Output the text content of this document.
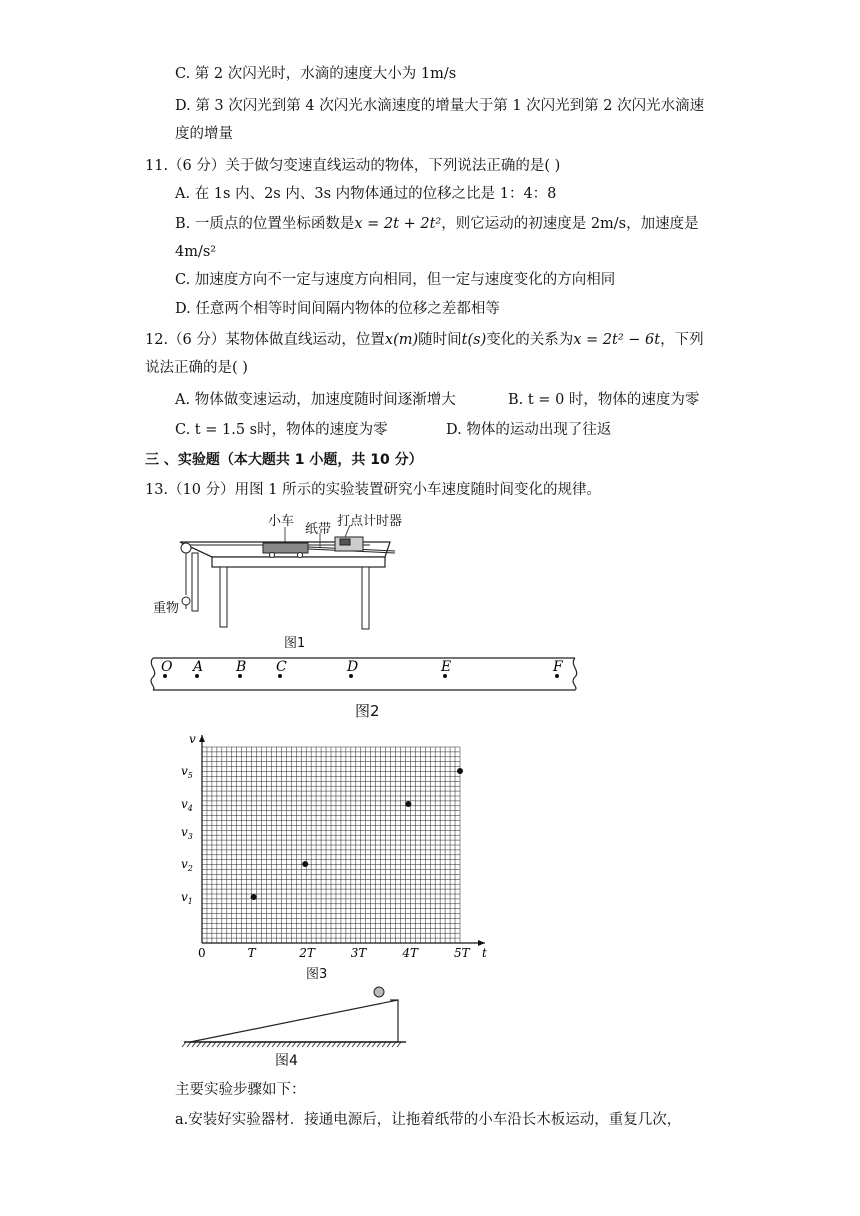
C. 第 2 次闪光时，水滴的速度大小为 1m/s
D. 第 3 次闪光到第 4 次闪光水滴速度的增量大于第 1 次闪光到第 2 次闪光水滴速
度的增量
11.（6 分）关于做匀变速直线运动的物体，下列说法正确的是( )
A. 在 1s 内、2s 内、3s 内物体通过的位移之比是 1：4：8
B. 一质点的位置坐标函数是x = 2t + 2t²，则它运动的初速度是 2m/s，加速度是
4m/s²
C. 加速度方向不一定与速度方向相同，但一定与速度变化的方向相同
D. 任意两个相等时间间隔内物体的位移之差都相等
12.（6 分）某物体做直线运动，位置x(m)随时间t(s)变化的关系为x = 2t² − 6t，下列
说法正确的是( )
A. 物体做变速运动，加速度随时间逐渐增大	B. t = 0 时，物体的速度为零
C. t = 1.5 s时，物体的速度为零	D. 物体的运动出现了往返
三 、实验题（本大题共 1 小题，共 10 分）
13.（10 分）用图 1 所示的实验装置研究小车速度随时间变化的规律。
小车
纸带
打点计时器
重物
图1
O A B C	D	E	F
图2
v
t
$v_5$
$v_4$
$v_3$
$v_2$
$v_1$
0	T	2T	3T	4T	5T
图3
图4
主要实验步骤如下：
a.安装好实验器材．接通电源后，让拖着纸带的小车沿长木板运动，重复几次，
